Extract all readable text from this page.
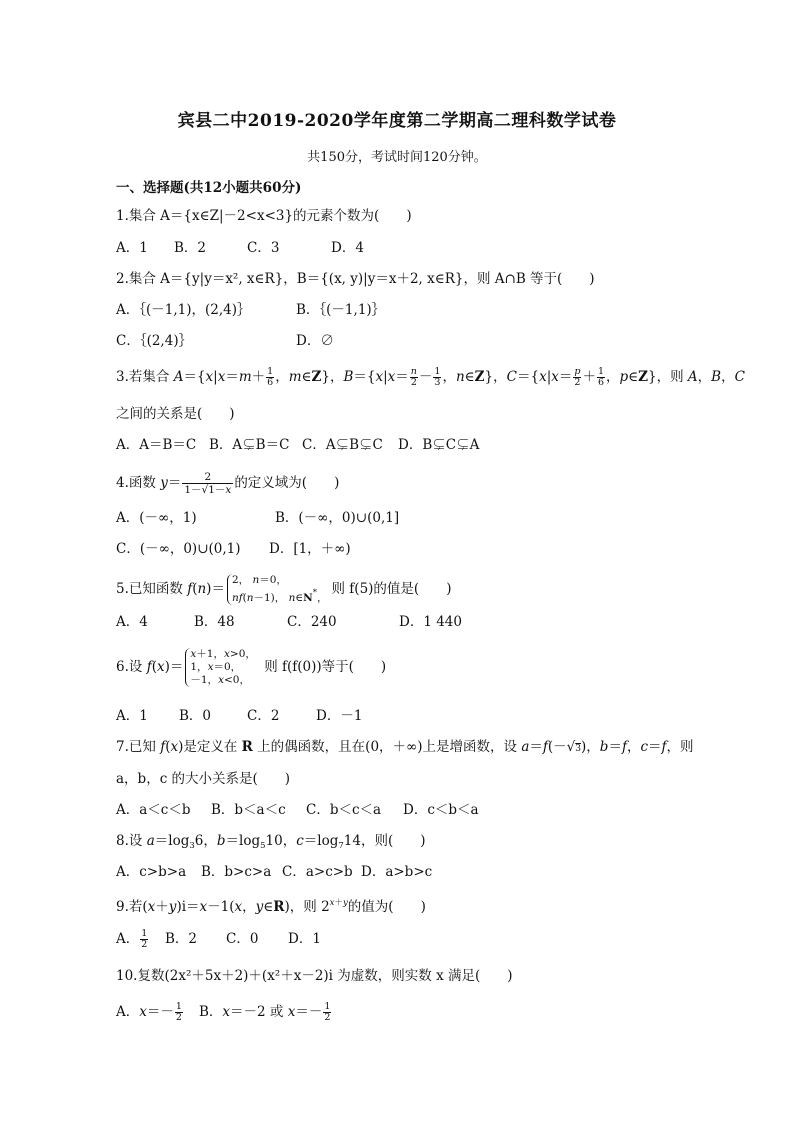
宾县二中2019-2020学年度第二学期高二理科数学试卷
共150分，考试时间120分钟。
一、选择题(共12小题共60分)
1.集合 A＝{x∈Z|－2<x<3}的元素个数为(　　)
A．1 B．2	C．3	D．4
2.集合 A＝{y|y＝x², x∈R}，B＝{(x, y)|y＝x＋2, x∈R}，则 A∩B 等于(　　)
A．｛(－1,1)，(2,4)｝	B．｛(－1,1)｝
C．｛(2,4)｝	D．∅
3.若集合 $A=\{x|x=m+ \frac{1}{6}$ ，m∈Z}，$B=\{x|x= \frac{n}{2} - \frac{1}{3}$ ，n∈Z}，$C=\{x|x= \frac{p}{2} + \frac{1}{6}$ ，p∈Z}，则 A，B，C
之间的关系是(　　)
A．A＝B＝C B．A⊊B＝C C．A⊊B⊊C D．B⊊C⊊A
4.函数 $y= \frac{2}{1-√1-x}$ 的定义域为(　　)
A．(－∞，1)	B．(－∞，0)∪(0,1]
C．(－∞，0)∪(0,1) D．[1，＋∞)
5.已知函数 f(n)＝
2， n＝0，
nf(n－1)， n∈N*，
则 f(5)的值是(　　)
A．4	B．48	C．240	D．1 440
6.设 f(x)＝
x＋1，x>0，
1，x＝0，
－1，x<0，
则 f(f(0))等于(　　)
A．1 B．0	C．2	D．－1
7.已知 f(x)是定义在 R 上的偶函数，且在(0，＋∞)上是增函数，设 a＝f(－√3)，b＝f，c＝f，则
a，b，c 的大小关系是(　　)
A．a＜c＜b B．b＜a＜c C．b＜c＜a D．c＜b＜a
8.设 $a=\log_36$，$b=\log_510$，$c=\log_714$，则(　　)
A．c>b>a B．b>c>a C．a>c>b D．a>b>c
9.若(x＋y)i＝x－1(x，y∈R)，则 $2^{x+y}$的值为(　　)
A． $\frac{1}{2}$ B．2 C．0 D．1
10.复数(2x²＋5x＋2)＋(x²＋x－2)i 为虚数，则实数 x 满足(　　)
A．$x=- \frac{1}{2}$ B．x＝－2 或 $x=- \frac{1}{2}$
